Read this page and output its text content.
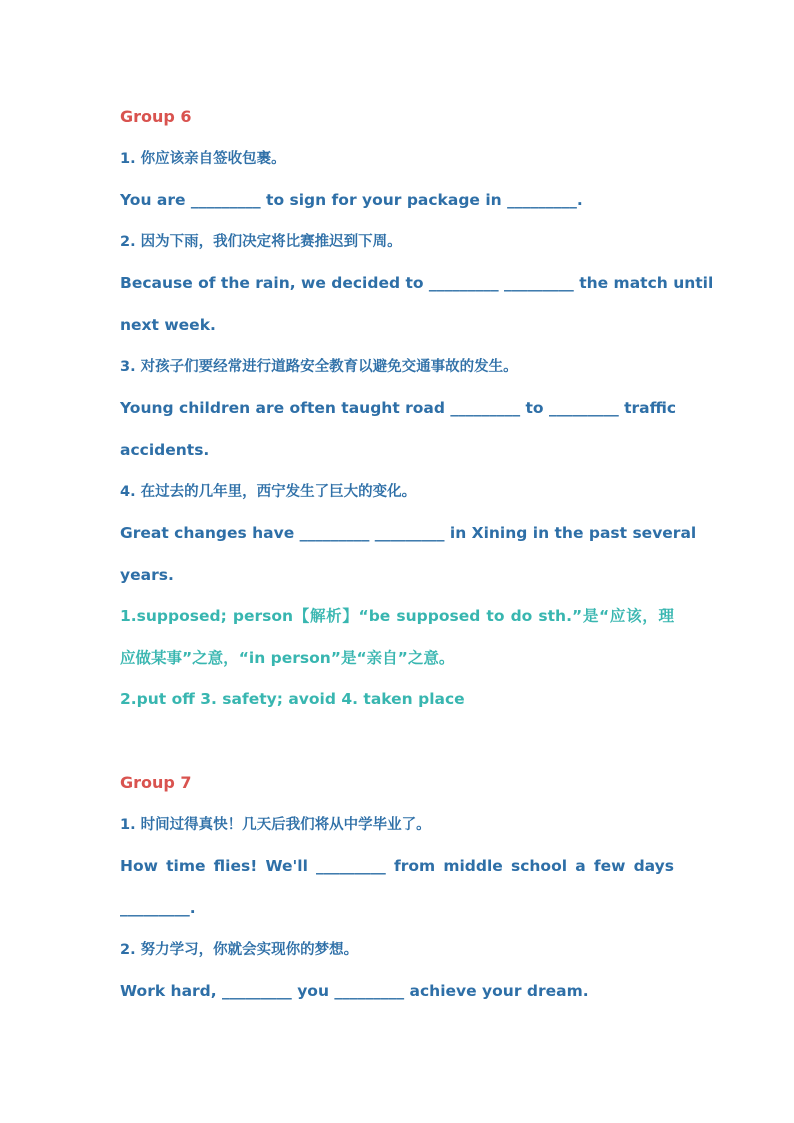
Group 6
1. 你应该亲自签收包裹。
You are _________ to sign for your package in _________.
2. 因为下雨，我们决定将比赛推迟到下周。
Because of the rain, we decided to _________ _________ the match until
next week.
3. 对孩子们要经常进行道路安全教育以避免交通事故的发生。
Young children are often taught road _________ to _________ traffic
accidents.
4. 在过去的几年里，西宁发生了巨大的变化。
Great changes have _________ _________ in Xining in the past several
years.
1.supposed; person【解析】“be supposed to do sth.”是“应该，理
应做某事”之意，“in person”是“亲自”之意。
2.put off 3. safety; avoid 4. taken place
Group 7
1. 时间过得真快！几天后我们将从中学毕业了。
How time flies! We'll _________ from middle school a few days
_________.
2. 努力学习，你就会实现你的梦想。
Work hard, _________ you _________ achieve your dream.
